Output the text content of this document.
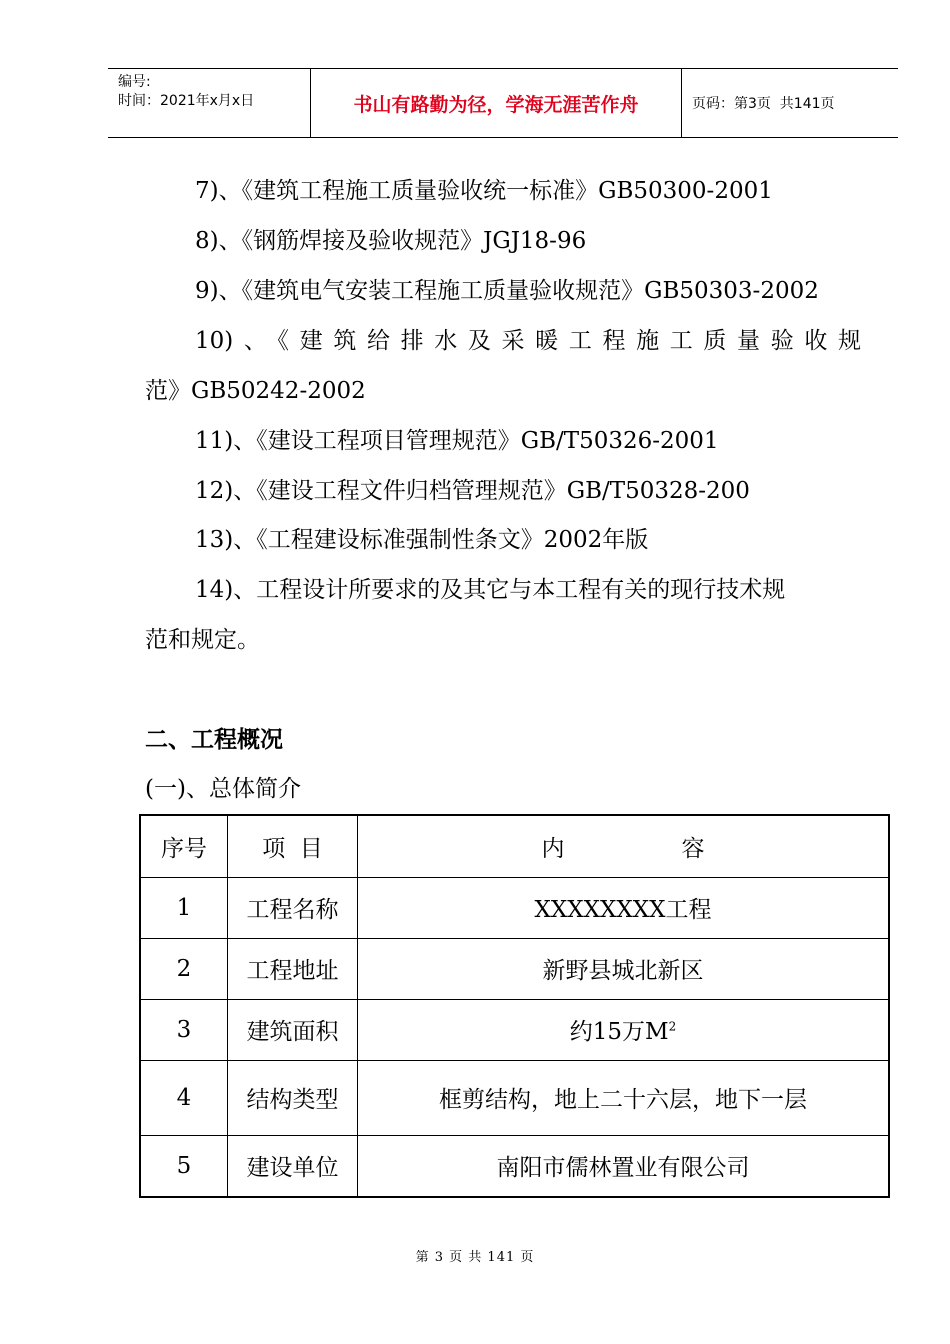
编号:
时间：2021年x月x日	书山有路勤为径，学海无涯苦作舟	页码：第3页  共141页
7)、《建筑工程施工质量验收统一标准》GB50300-2001
8)、《钢筋焊接及验收规范》JGJ18-96
9)、《建筑电气安装工程施工质量验收规范》GB50303-2002
10)、《建筑给排水及采暖工程施工质量验收规
范》GB50242-2002
11)、《建设工程项目管理规范》GB/T50326-2001
12)、《建设工程文件归档管理规范》GB/T50328-200
13)、《工程建设标准强制性条文》2002年版
14)、工程设计所要求的及其它与本工程有关的现行技术规
范和规定。
二、工程概况
(一)、总体简介
序号	项  目	内                容
1	工程名称	XXXXXXXX工程
2	工程地址	新野县城北新区
3	建筑面积	约15万$M^2$
4	结构类型	框剪结构，地上二十六层，地下一层
5	建设单位	南阳市儒林置业有限公司
第 3 页 共 141 页
